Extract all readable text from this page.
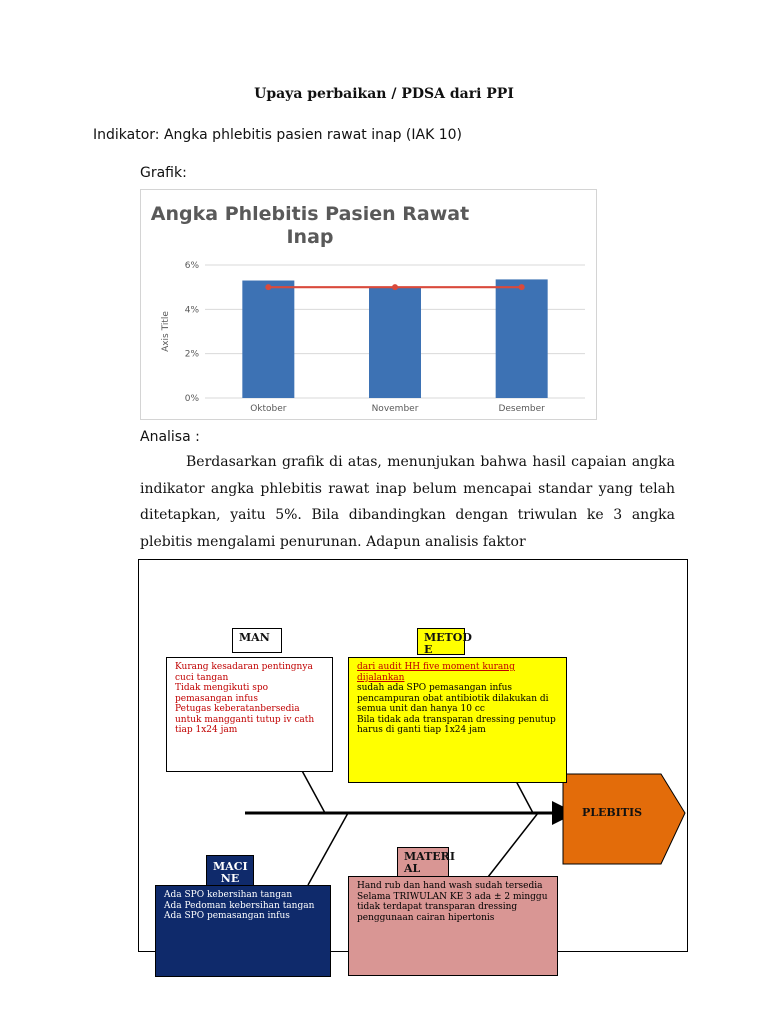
Upaya perbaikan / PDSA dari PPI
Indikator: Angka phlebitis pasien rawat inap (IAK 10)
Grafik:
Angka Phlebitis Pasien Rawat
Inap
0%
2%
4%
6%
Axis Title
Oktober	November	Desember
Analisa :
Berdasarkan grafik di atas, menunjukan bahwa hasil capaian angka indikator angka phlebitis rawat inap belum mencapai standar yang telah ditetapkan, yaitu 5%. Bila dibandingkan dengan triwulan ke 3 angka plebitis mengalami penurunan. Adapun analisis faktor
PLEBITIS
MAN
Kurang kesadaran pentingnya cuci tangan
Tidak mengikuti spo pemasangan infus
Petugas keberatanbersedia untuk mangganti tutup iv cath tiap 1x24 jam
METOD E
dari audit HH five moment kurang dijalankan
sudah ada SPO pemasangan infus
pencampuran obat antibiotik dilakukan di semua unit dan hanya 10 cc
Bila tidak ada transparan dressing penutup harus di ganti tiap 1x24 jam
MACI NE
Ada SPO kebersihan tangan
Ada Pedoman kebersihan tangan
Ada SPO pemasangan infus
MATERI AL
Hand rub dan hand wash sudah tersedia
Selama TRIWULAN KE 3 ada ± 2 minggu tidak terdapat transparan dressing
penggunaan cairan hipertonis
